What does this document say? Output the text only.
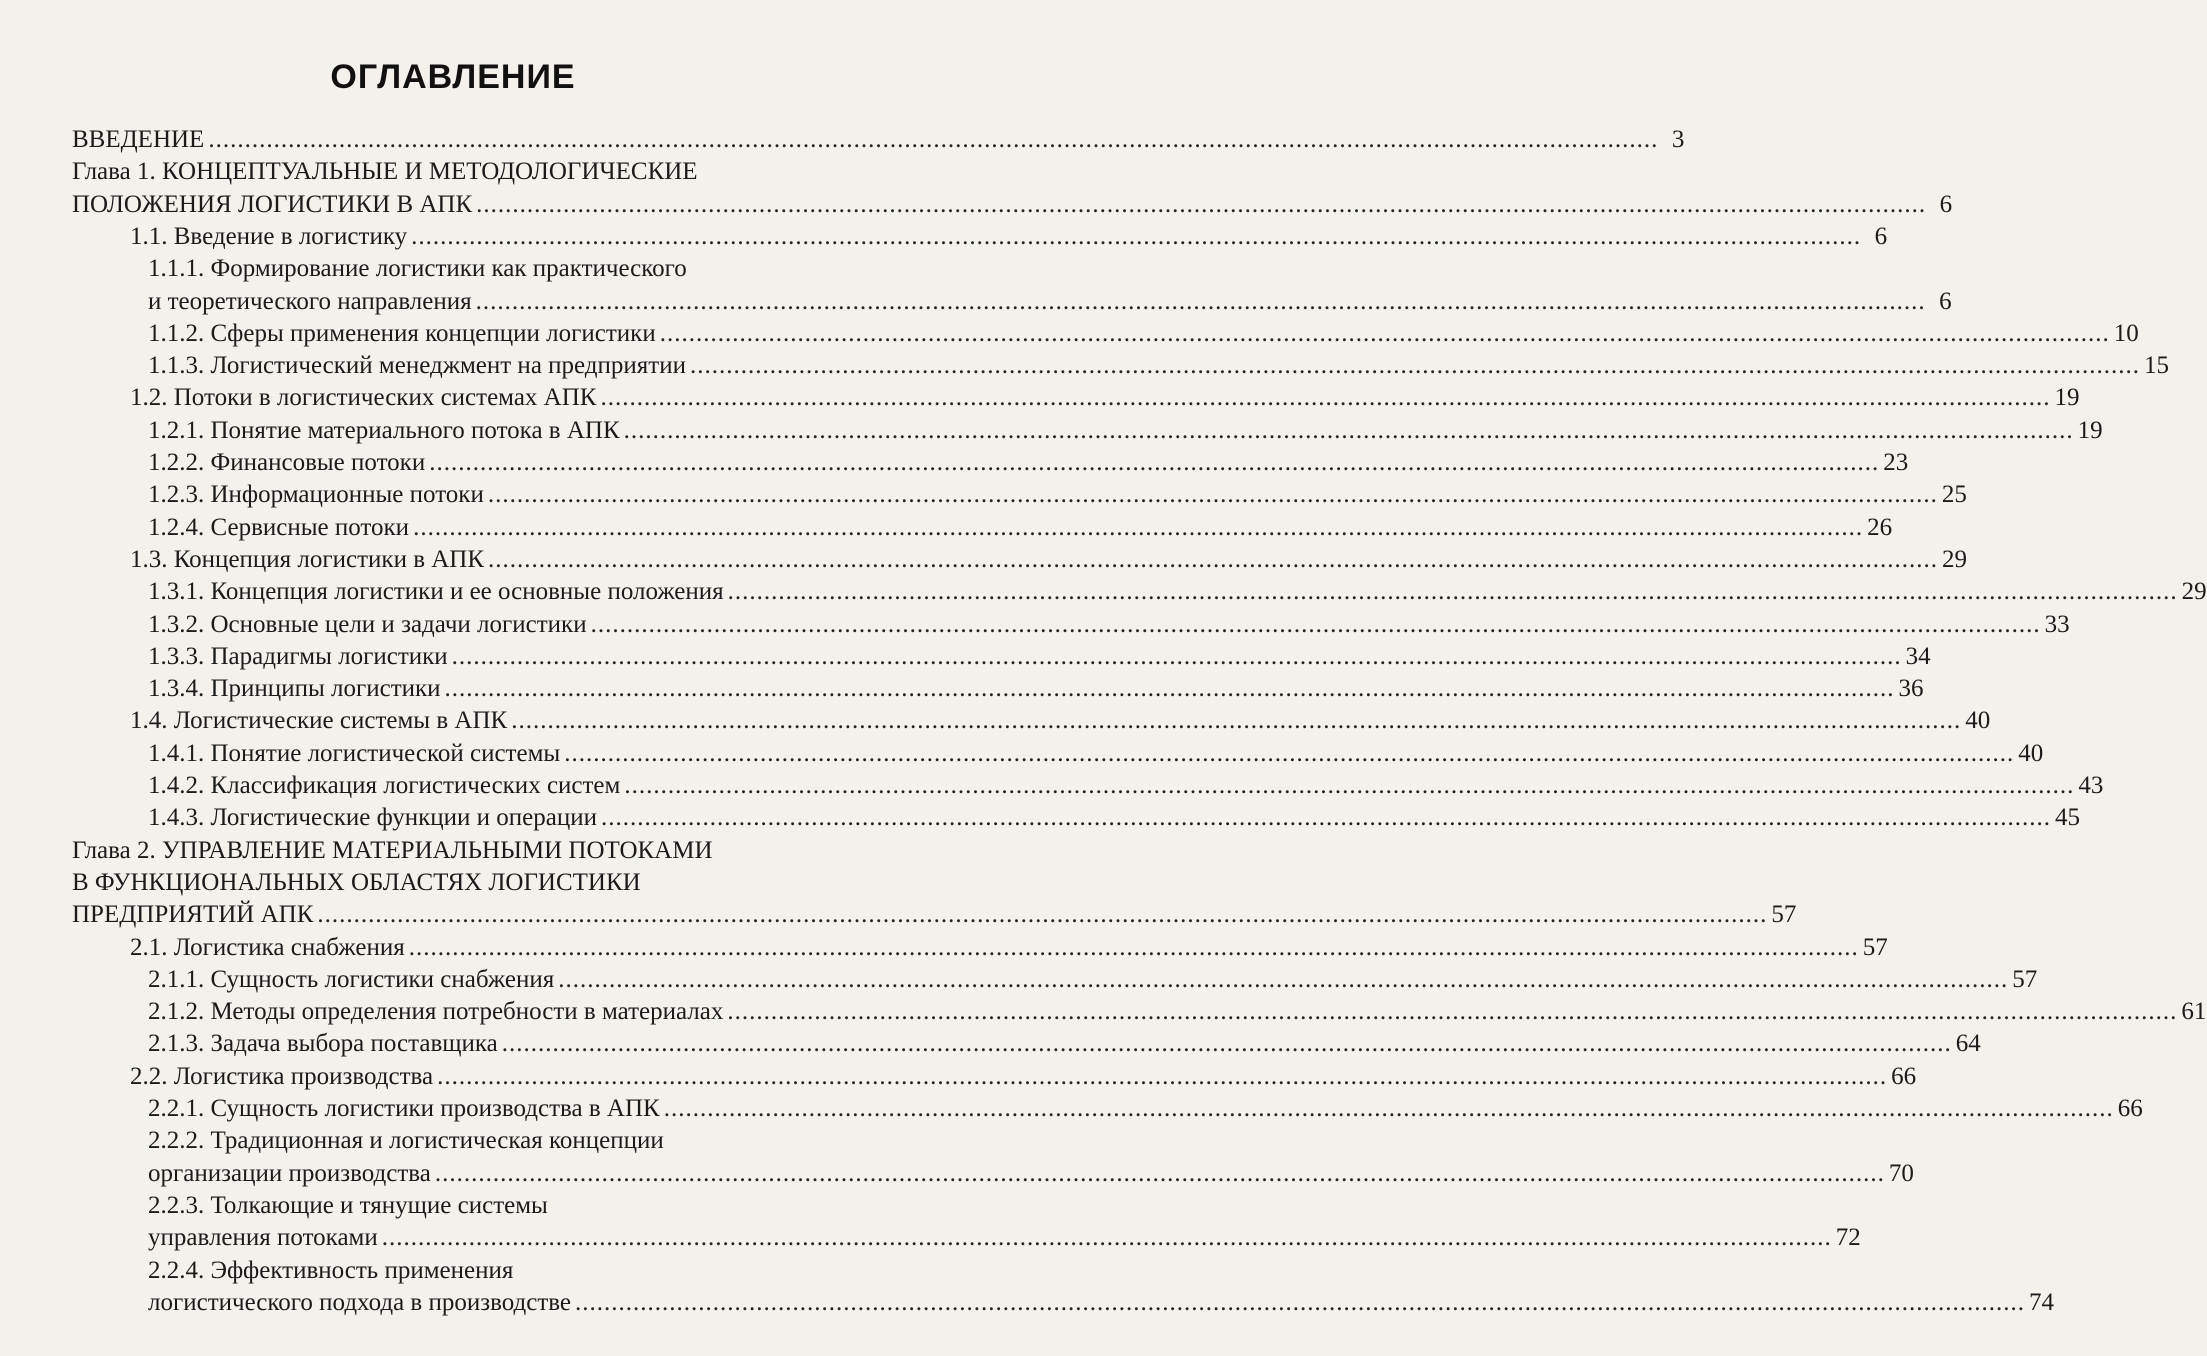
ОГЛАВЛЕНИЕ
ВВЕДЕНИЕ ........................................................................................................................................................................................................ 3
Глава 1. КОНЦЕПТУАЛЬНЫЕ И МЕТОДОЛОГИЧЕСКИЕ
ПОЛОЖЕНИЯ ЛОГИСТИКИ В АПК ........................................................................................................................................................................................................ 6
1.1. Введение в логистику ........................................................................................................................................................................................................ 6
1.1.1. Формирование логистики как практического
и теоретического направления ........................................................................................................................................................................................................ 6
1.1.2. Сферы применения концепции логистики ........................................................................................................................................................................................................ 10
1.1.3. Логистический менеджмент на предприятии ........................................................................................................................................................................................................ 15
1.2. Потоки в логистических системах АПК ........................................................................................................................................................................................................ 19
1.2.1. Понятие материального потока в АПК ........................................................................................................................................................................................................ 19
1.2.2. Финансовые потоки ........................................................................................................................................................................................................ 23
1.2.3. Информационные потоки ........................................................................................................................................................................................................ 25
1.2.4. Сервисные потоки ........................................................................................................................................................................................................ 26
1.3. Концепция логистики в АПК ........................................................................................................................................................................................................ 29
1.3.1. Концепция логистики и ее основные положения ........................................................................................................................................................................................................ 29
1.3.2. Основные цели и задачи логистики ........................................................................................................................................................................................................ 33
1.3.3. Парадигмы логистики ........................................................................................................................................................................................................ 34
1.3.4. Принципы логистики ........................................................................................................................................................................................................ 36
1.4. Логистические системы в АПК ........................................................................................................................................................................................................ 40
1.4.1. Понятие логистической системы ........................................................................................................................................................................................................ 40
1.4.2. Классификация логистических систем ........................................................................................................................................................................................................ 43
1.4.3. Логистические функции и операции ........................................................................................................................................................................................................ 45
Глава 2. УПРАВЛЕНИЕ МАТЕРИАЛЬНЫМИ ПОТОКАМИ
В ФУНКЦИОНАЛЬНЫХ ОБЛАСТЯХ ЛОГИСТИКИ
ПРЕДПРИЯТИЙ АПК ........................................................................................................................................................................................................ 57
2.1. Логистика снабжения ........................................................................................................................................................................................................ 57
2.1.1. Сущность логистики снабжения ........................................................................................................................................................................................................ 57
2.1.2. Методы определения потребности в материалах ........................................................................................................................................................................................................ 61
2.1.3. Задача выбора поставщика ........................................................................................................................................................................................................ 64
2.2. Логистика производства ........................................................................................................................................................................................................ 66
2.2.1. Сущность логистики производства в АПК ........................................................................................................................................................................................................ 66
2.2.2. Традиционная и логистическая концепции
организации производства ........................................................................................................................................................................................................ 70
2.2.3. Толкающие и тянущие системы
управления потоками ........................................................................................................................................................................................................ 72
2.2.4. Эффективность применения
логистического подхода в производстве ........................................................................................................................................................................................................ 74
